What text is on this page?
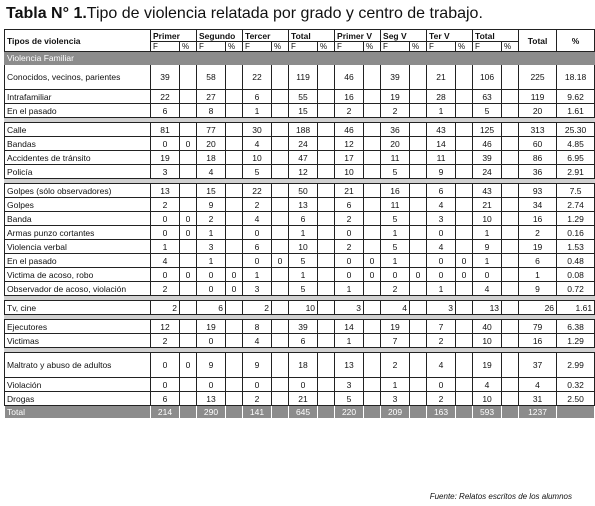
Tabla N° 1.Tipo de violencia relatada por grado y centro de trabajo.
Tipos de violencia	Primer		Segundo		Tercer		Total		Primer V		Seg V		Ter V		Total		Total	%
	F	%	F	%	F	%	F	%	F	%	F	%	F	%	F	%		
Violencia Familiar																		
Conocidos, vecinos, parientes	39		58		22		119		46		39		21		106		225	18.18
Intrafamiliar	22		27		6		55		16		19		28		63		119	9.62
En el pasado	6		8		1		15		2		2		1		5		20	1.61

Calle	81		77		30		188		46		36		43		125		313	25.30
Bandas	0	0	20		4		24		12		20		14		46		60	4.85
Accidentes de tránsito	19		18		10		47		17		11		11		39		86	6.95
Policía	3		4		5		12		10		5		9		24		36	2.91

Golpes (sólo observadores)	13		15		22		50		21		16		6		43		93	7.5
Golpes	2		9		2		13		6		11		4		21		34	2.74
Banda	0	0	2		4		6		2		5		3		10		16	1.29
Armas punzo cortantes	0	0	1		0		1		0		1		0		1		2	0.16
Violencia verbal	1		3		6		10		2		5		4		9		19	1.53
En el pasado	4		1		0	0	5		0	0	1		0	0	1		6	0.48
Victima de acoso, robo	0	0	0	0	1		1		0	0	0	0	0	0	0		1	0.08
Observador de acoso, violación	2		0	0	3		5		1		2		1		4		9	0.72

Tv, cine	2		6		2		10		3		4		3		13		26	1.61

Ejecutores	12		19		8		39		14		19		7		40		79	6.38
Victimas	2		0		4		6		1		7		2		10		16	1.29

Maltrato y abuso de adultos	0	0	9		9		18		13		2		4		19		37	2.99
Violación	0		0		0		0		3		1		0		4		4	0.32
Drogas	6		13		2		21		5		3		2		10		31	2.50
Total	214		290		141		645		220		209		163		593		1237	
Fuente: Relatos escritos de los alumnos
